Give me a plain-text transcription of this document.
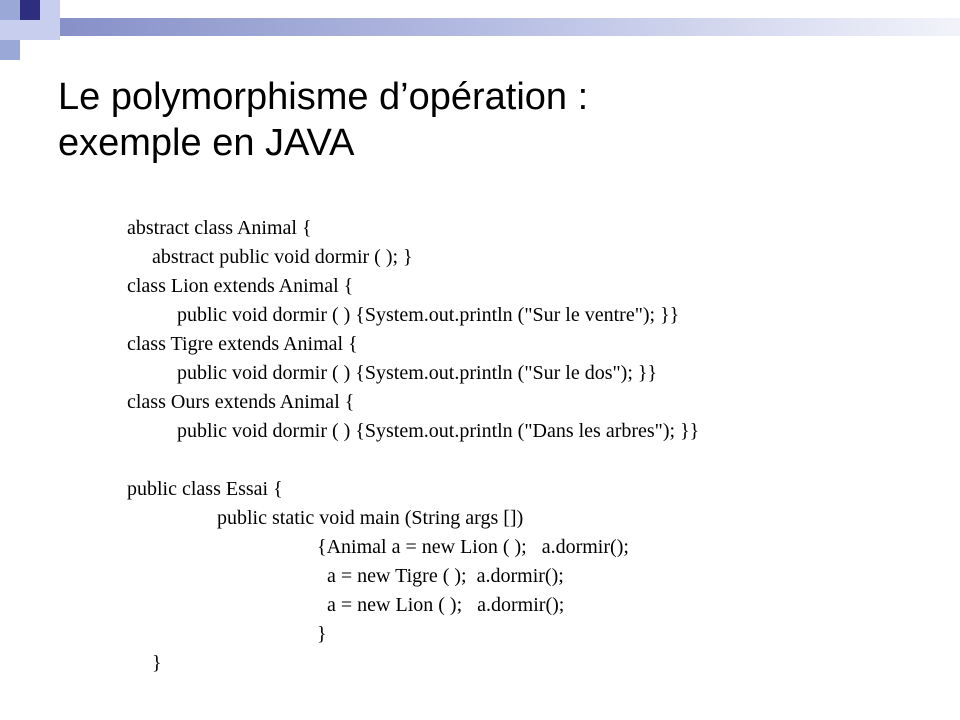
Le polymorphisme d’opération :
exemple en JAVA
abstract class Animal {
abstract public void dormir ( ); }
class Lion extends Animal {
public void dormir ( ) {System.out.println ("Sur le ventre"); }}
class Tigre extends Animal {
public void dormir ( ) {System.out.println ("Sur le dos"); }}
class Ours extends Animal {
public void dormir ( ) {System.out.println ("Dans les arbres"); }}
public class Essai {
public static void main (String args [])
{Animal a = new Lion ( );   a.dormir();
a = new Tigre ( );  a.dormir();
a = new Lion ( );   a.dormir();
}
}
